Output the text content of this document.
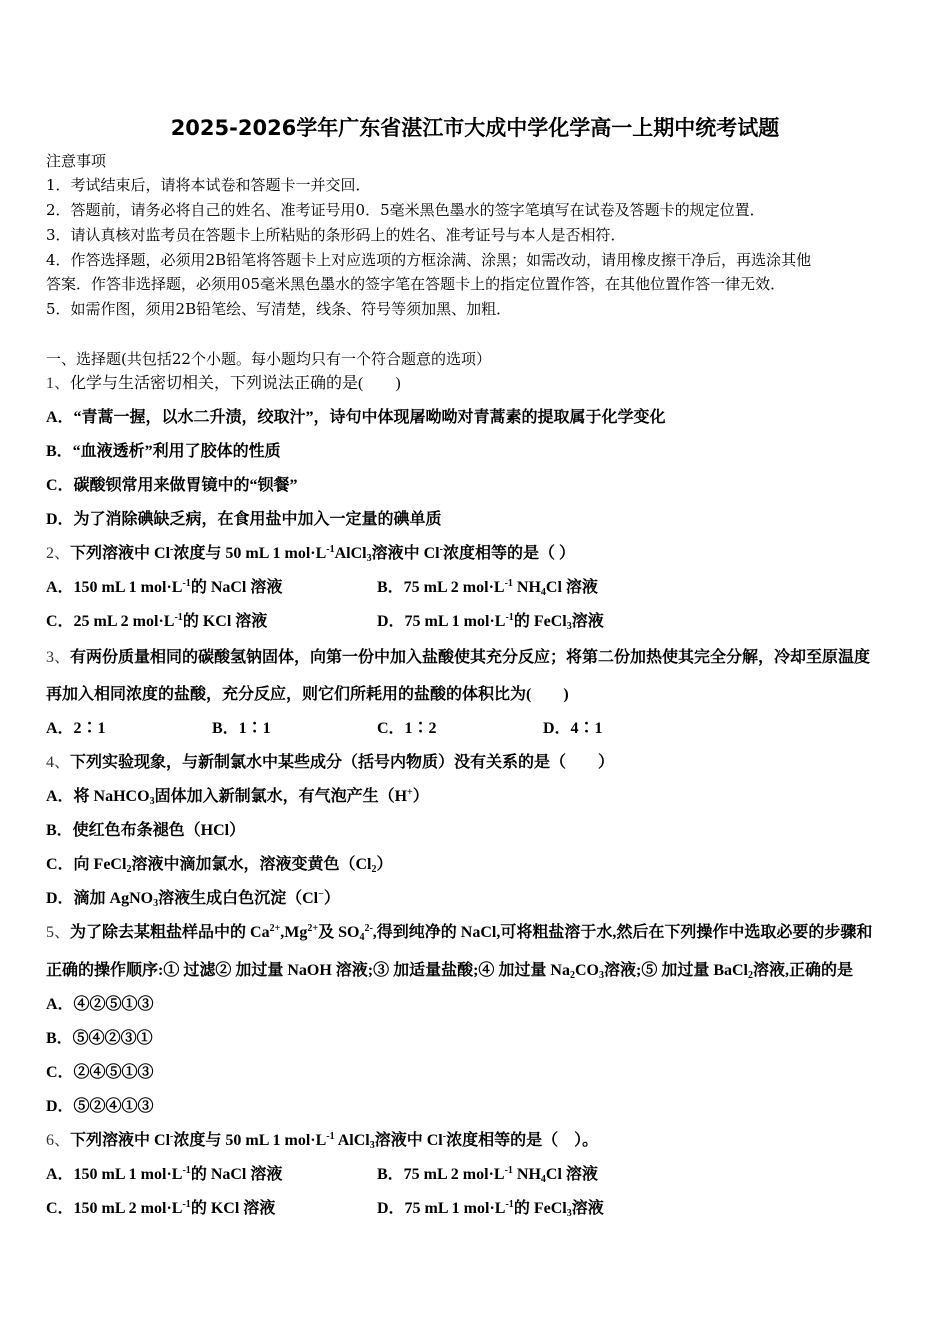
2025-2026学年广东省湛江市大成中学化学高一上期中统考试题
注意事项
1．考试结束后，请将本试卷和答题卡一并交回．
2．答题前，请务必将自己的姓名、准考证号用0．5毫米黑色墨水的签字笔填写在试卷及答题卡的规定位置．
3．请认真核对监考员在答题卡上所粘贴的条形码上的姓名、准考证号与本人是否相符．
4．作答选择题，必须用2B铅笔将答题卡上对应选项的方框涂满、涂黑；如需改动，请用橡皮擦干净后，再选涂其他
答案．作答非选择题，必须用05毫米黑色墨水的签字笔在答题卡上的指定位置作答，在其他位置作答一律无效．
5．如需作图，须用2B铅笔绘、写清楚，线条、符号等须加黑、加粗．
一、选择题(共包括22个小题。每小题均只有一个符合题意的选项）
1、化学与生活密切相关，下列说法正确的是(　　)
A．“青蒿一握，以水二升渍，绞取汁”，诗句中体现屠呦呦对青蒿素的提取属于化学变化
B．“血液透析”利用了胶体的性质
C．碳酸钡常用来做胃镜中的“钡餐”
D．为了消除碘缺乏病，在食用盐中加入一定量的碘单质
2、下列溶液中 Cl-浓度与 50 mL 1 $mol\cdot L^{-1}AlCl_3$溶液中 Cl-浓度相等的是（ ）
A．150 mL 1 $mol\cdot L^{-1}$的 NaCl 溶液	B．75 mL 2 $mol\cdot L^{-1}$ $NH_4Cl$ 溶液
C．25 mL 2 $mol\cdot L^{-1}$的 KCl 溶液	D．75 mL 1 $mol\cdot L^{-1}$的 FeCl$_3$溶液
3、有两份质量相同的碳酸氢钠固体，向第一份中加入盐酸使其充分反应；将第二份加热使其完全分解，冷却至原温度
再加入相同浓度的盐酸，充分反应，则它们所耗用的盐酸的体积比为(　　)
A．2∶1	B．1∶1	C．1∶2	D．4∶1
4、下列实验现象，与新制氯水中某些成分（括号内物质）没有关系的是（　　）
A．将 NaHCO$_3$固体加入新制氯水，有气泡产生（H+）
B．使红色布条褪色（HCl）
C．向 FeCl$_2$溶液中滴加氯水，溶液变黄色$(Cl_2)$
D．滴加 AgNO$_3$溶液生成白色沉淀（Cl−）
5、为了除去某粗盐样品中的 $Ca^{2+},Mg^{2+}$及 $SO_4^{2-}$,得到纯净的 NaCl,可将粗盐溶于水,然后在下列操作中选取必要的步骤和
正确的操作顺序:① 过滤② 加过量 NaOH 溶液;③ 加适量盐酸;④ 加过量 $Na_2CO_3$溶液;⑤ 加过量 BaCl$_2$溶液,正确的是
A．④②⑤①③
B．⑤④②③①
C．②④⑤①③
D．⑤②④①③
6、下列溶液中 Cl-浓度与 50 mL 1 $mol\cdot L^{-1}$ AlCl$_3$溶液中 Cl-浓度相等的是（　）。
A．150 mL 1 $mol\cdot L^{-1}$的 NaCl 溶液	B．75 mL 2 $mol\cdot L^{-1}$ $NH_4Cl$ 溶液
C．150 mL 2 $mol\cdot L^{-1}$的 KCl 溶液	D．75 mL 1 $mol\cdot L^{-1}$的 FeCl$_3$溶液
